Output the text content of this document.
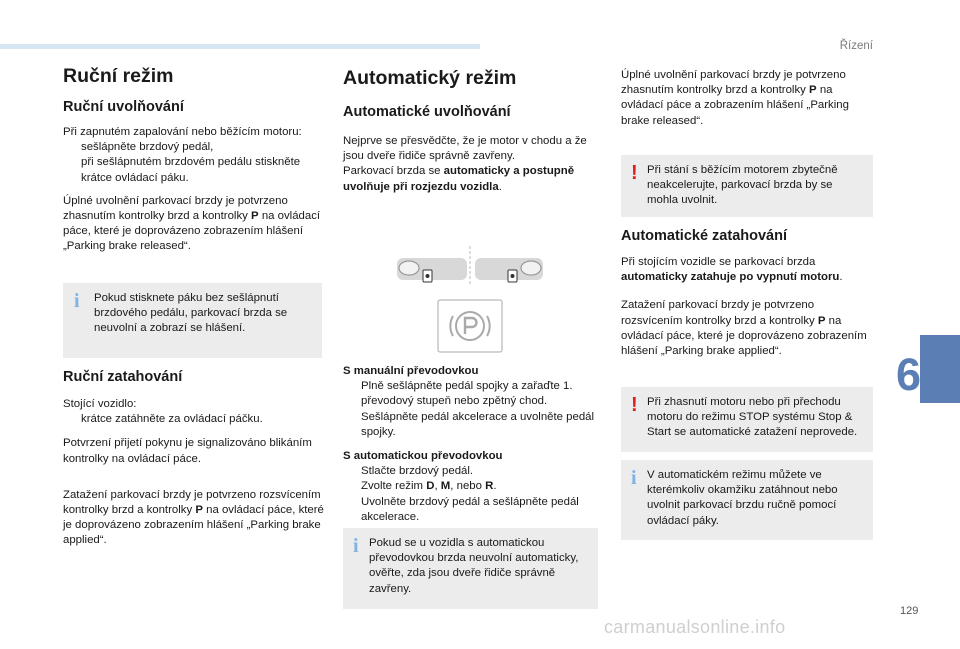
Řízení
6
Ruční režim
Ruční uvolňování

Při zapnutém zapalování nebo běžícím motoru:

sešlápněte brzdový pedál,
při sešlápnutém brzdovém pedálu stiskněte krátce ovládací páku.

Úplné uvolnění parkovací brzdy je potvrzeno zhasnutím kontrolky brzd a kontrolky P na ovládací páce, které je doprovázeno zobrazením hlášení „Parking brake released“.

i Pokud stisknete páku bez sešlápnutí brzdového pedálu, parkovací brzda se neuvolní a zobrazí se hlášení.
Ruční zatahování

Stojící vozidlo:

krátce zatáhněte za ovládací páčku.

Potvrzení přijetí pokynu je signalizováno blikáním kontrolky na ovládací páce.

Zatažení parkovací brzdy je potvrzeno rozsvícením kontrolky brzd a kontrolky P na ovládací páce, které je doprovázeno zobrazením hlášení „Parking brake applied“.

Automatický režim
Automatické uvolňování

Nejprve se přesvědčte, že je motor v chodu a že jsou dveře řidiče správně zavřeny.

Parkovací brzda se automaticky a postupně uvolňuje při rozjezdu vozidla.

S manuální převodovkou
Plně sešlápněte pedál spojky a zařaďte 1. převodový stupeň nebo zpětný chod.
Sešlápněte pedál akcelerace a uvolněte pedál spojky.
S automatickou převodovkou
Stlačte brzdový pedál.
Zvolte režim D, M, nebo R.
Uvolněte brzdový pedál a sešlápněte pedál akcelerace.
i Pokud se u vozidla s automatickou převodovkou brzda neuvolní automaticky, ověřte, zda jsou dveře řidiče správně zavřeny.

Úplné uvolnění parkovací brzdy je potvrzeno zhasnutím kontrolky brzd a kontrolky P na ovládací páce a zobrazením hlášení „Parking brake released“.

! Při stání s běžícím motorem zbytečně neakcelerujte, parkovací brzda by se mohla uvolnit.
Automatické zatahování

Při stojícím vozidle se parkovací brzda automaticky zatahuje po vypnutí motoru.

Zatažení parkovací brzdy je potvrzeno rozsvícením kontrolky brzd a kontrolky P na ovládací páce, které je doprovázeno zobrazením hlášení „Parking brake applied“.

! Při zhasnutí motoru nebo při přechodu motoru do režimu STOP systému Stop & Start se automatické zatažení neprovede.
i V automatickém režimu můžete ve kterémkoliv okamžiku zatáhnout nebo uvolnit parkovací brzdu ručně pomocí ovládací páky.
129
carmanualsonline.info
